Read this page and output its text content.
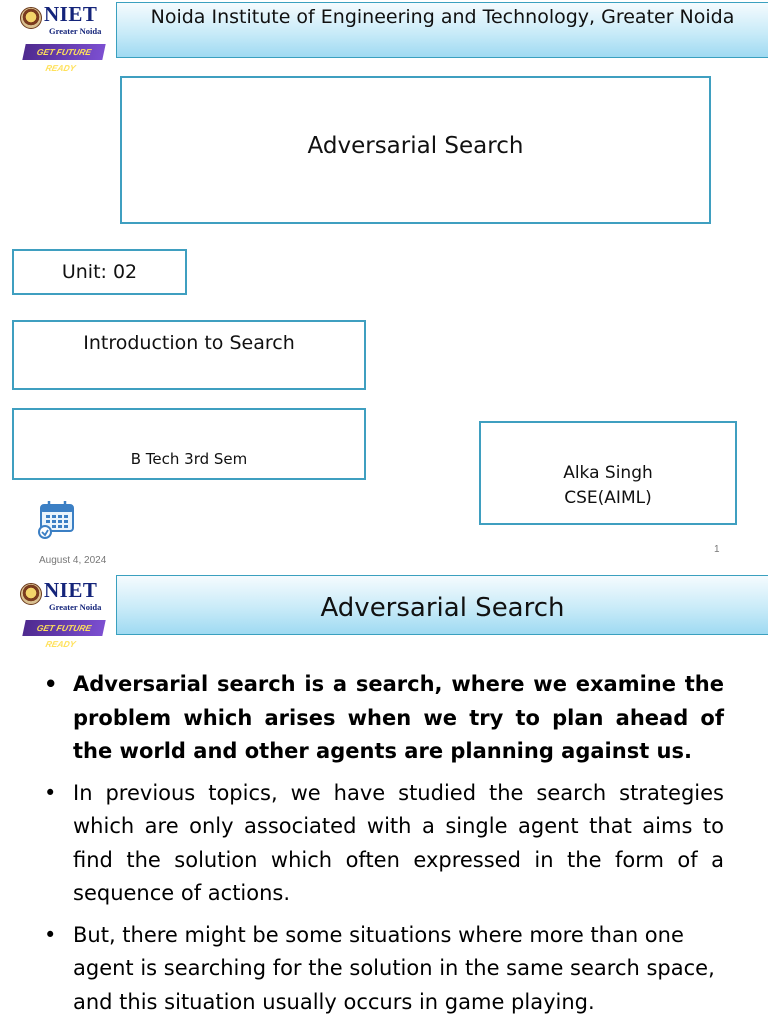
NIET
Greater Noida
GET FUTURE READY
Noida Institute of Engineering and Technology, Greater Noida
Adversarial Search
Unit: 02
Introduction to Search
B Tech 3rd Sem
Alka Singh
CSE(AIML)
August 4, 2024
1
NIET
Greater Noida
GET FUTURE READY
Adversarial Search
• Adversarial search is a search, where we examine the problem which arises when we try to plan ahead of the world and other agents are planning against us.
• In previous topics, we have studied the search strategies which are only associated with a single agent that aims to find the solution which often expressed in the form of a sequence of actions.
• But, there might be some situations where more than one agent is searching for the solution in the same search space, and this situation usually occurs in game playing.
